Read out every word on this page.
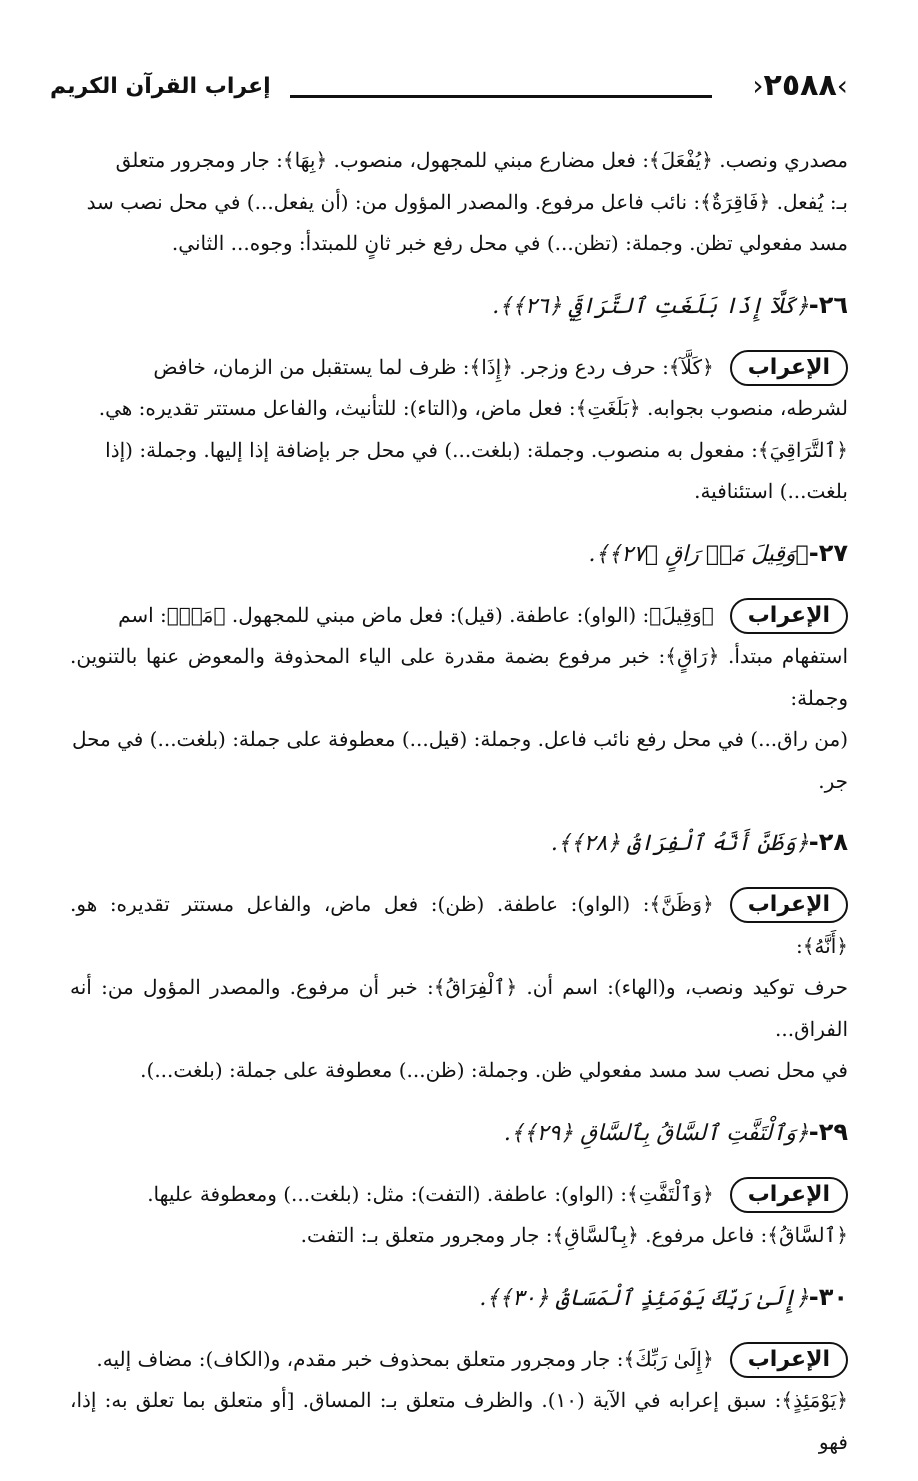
›٢٥٨٨‹
إعراب القرآن الكريم

مصدري ونصب. ﴿يُفْعَلَ﴾: فعل مضارع مبني للمجهول، منصوب. ﴿بِهَا﴾: جار ومجرور متعلق

بـ: يُفعل. ﴿فَاقِرَةٌ﴾: نائب فاعل مرفوع. والمصدر المؤول من: (أن يفعل...) في محل نصب سد

مسد مفعولي تظن. وجملة: (تظن...) في محل رفع خبر ثانٍ للمبتدأ: وجوه... الثاني.

٢٦-﴿كَلَّآ إِذَا بَلَغَتِ ٱلتَّرَاقِيَ ﴿٢٦﴾﴾.

الإعراب﴿كَلَّآ﴾: حرف ردع وزجر. ﴿إِذَا﴾: ظرف لما يستقبل من الزمان، خافض

لشرطه، منصوب بجوابه. ﴿بَلَغَتِ﴾: فعل ماض، و(التاء): للتأنيث، والفاعل مستتر تقديره: هي.

﴿ٱلتَّرَاقِيَ﴾: مفعول به منصوب. وجملة: (بلغت...) في محل جر بإضافة إذا إليها. وجملة: (إذا

بلغت...) استئنافية.

٢٧-﴿وَقِيلَ مَنۜ رَاقٍ ﴿٢٧﴾﴾.

الإعراب﴿وَقِيلَ﴾: (الواو): عاطفة. (قيل): فعل ماض مبني للمجهول. ﴿مَنۜ﴾: اسم

استفهام مبتدأ. ﴿رَاقٍ﴾: خبر مرفوع بضمة مقدرة على الياء المحذوفة والمعوض عنها بالتنوين. وجملة:

(من راق...) في محل رفع نائب فاعل. وجملة: (قيل...) معطوفة على جملة: (بلغت...) في محل

جر.

٢٨-﴿وَظَنَّ أَنَّهُ ٱلْفِرَاقُ ﴿٢٨﴾﴾.

الإعراب﴿وَظَنَّ﴾: (الواو): عاطفة. (ظن): فعل ماض، والفاعل مستتر تقديره: هو. ﴿أَنَّهُ﴾:

حرف توكيد ونصب، و(الهاء): اسم أن. ﴿ٱلْفِرَاقُ﴾: خبر أن مرفوع. والمصدر المؤول من: أنه الفراق...

في محل نصب سد مسد مفعولي ظن. وجملة: (ظن...) معطوفة على جملة: (بلغت...).

٢٩-﴿وَٱلْتَفَّتِ ٱلسَّاقُ بِٱلسَّاقِ ﴿٢٩﴾﴾.

الإعراب﴿وَٱلْتَفَّتِ﴾: (الواو): عاطفة. (التفت): مثل: (بلغت...) ومعطوفة عليها.

﴿ٱلسَّاقُ﴾: فاعل مرفوع. ﴿بِٱلسَّاقِ﴾: جار ومجرور متعلق بـ: التفت.

٣٠-﴿إِلَىٰ رَبِّكَ يَوْمَئِذٍ ٱلْمَسَاقُ ﴿٣٠﴾﴾.

الإعراب﴿إِلَىٰ رَبِّكَ﴾: جار ومجرور متعلق بمحذوف خبر مقدم، و(الكاف): مضاف إليه.

﴿يَوْمَئِذٍ﴾: سبق إعرابه في الآية (١٠). والظرف متعلق بـ: المساق. [أو متعلق بما تعلق به: إذا، فهو
